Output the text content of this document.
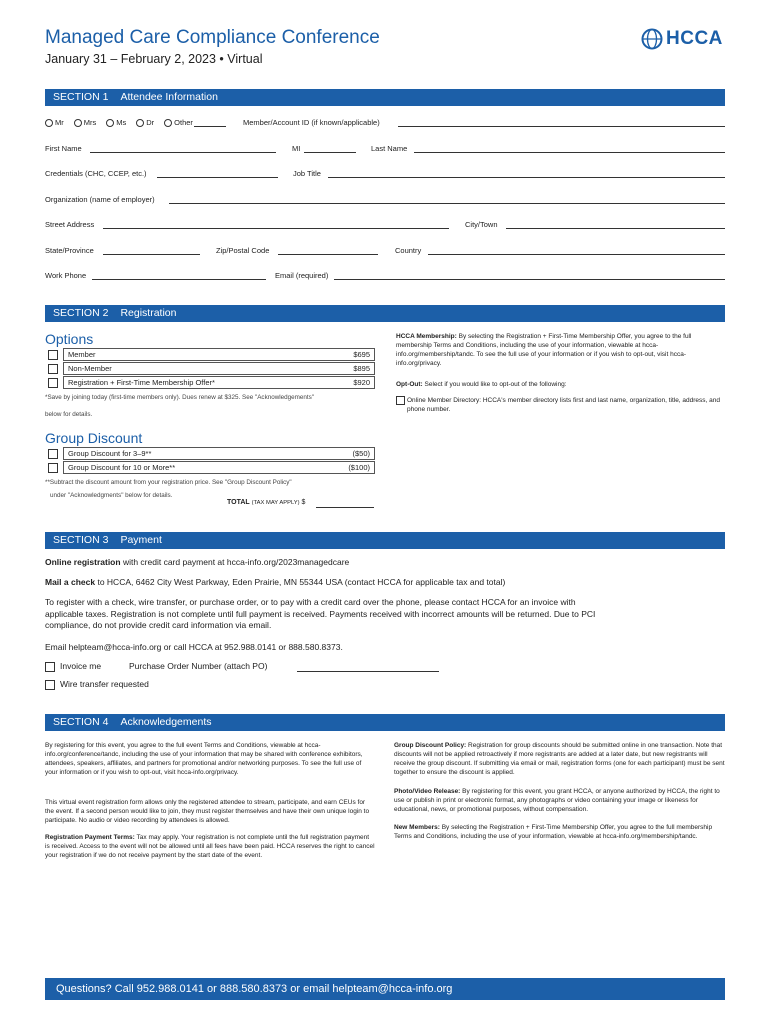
Managed Care Compliance Conference
January 31 – February 2, 2023 • Virtual
HCCA
SECTION 1 Attendee Information
Mr	Mrs	Ms	Dr	Other	Member/Account ID (if known/applicable)
First Name	MI	Last Name
Credentials (CHC, CCEP, etc.)	Job Title
Organization (name of employer)
Street Address	City/Town
State/Province	Zip/Postal Code	Country
Work Phone	Email (required)
SECTION 2 Registration
Options
Member	$695
Non-Member	$895
Registration + First-Time Membership Offer*	$920
*Save by joining today (first-time members only). Dues renew at $325. See "Acknowledgements"
below for details.
Group Discount
Group Discount for 3–9**	($50)
Group Discount for 10 or More**	($100)
**Subtract the discount amount from your registration price. See "Group Discount Policy"
under "Acknowledgments" below for details.
TOTAL (TAX MAY APPLY) $
HCCA Membership: By selecting the Registration + First-Time Membership Offer, you agree to the full membership Terms and Conditions, including the use of your information, viewable at hcca-info.org/membership/tandc. To see the full use of your information or if you wish to opt-out, visit hcca-info.org/privacy.
Opt-Out: Select if you would like to opt-out of the following:
Online Member Directory: HCCA's member directory lists first and last name, organization, title, address, and phone number.
SECTION 3 Payment
Online registration with credit card payment at hcca-info.org/2023managedcare
Mail a check to HCCA, 6462 City West Parkway, Eden Prairie, MN 55344 USA (contact HCCA for applicable tax and total)
To register with a check, wire transfer, or purchase order, or to pay with a credit card over the phone, please contact HCCA for an invoice with applicable taxes. Registration is not complete until full payment is received. Payments received with incorrect amounts will be returned. Due to PCI compliance, do not provide credit card information via email.
Email helpteam@hcca-info.org or call HCCA at 952.988.0141 or 888.580.8373.
Invoice me	Purchase Order Number (attach PO)
Wire transfer requested
SECTION 4 Acknowledgements
By registering for this event, you agree to the full event Terms and Conditions, viewable at hcca-info.org/conference/tandc, including the use of your information that may be shared with conference exhibitors, attendees, speakers, affiliates, and partners for promotional and/or networking purposes. To see the full use of your information or if you wish to opt-out, visit hcca-info.org/privacy.
This virtual event registration form allows only the registered attendee to stream, participate, and earn CEUs for the event. If a second person would like to join, they must register themselves and have their own unique login to participate. No audio or video recording by attendees is allowed.
Registration Payment Terms: Tax may apply. Your registration is not complete until the full registration payment is received. Access to the event will not be allowed until all fees have been paid. HCCA reserves the right to cancel your registration if we do not receive payment by the start date of the event.
Group Discount Policy: Registration for group discounts should be submitted online in one transaction. Note that discounts will not be applied retroactively if more registrants are added at a later date, but new registrants will receive the group discount. If submitting via email or mail, registration forms (one for each participant) must be sent together to ensure the discount is applied.
Photo/Video Release: By registering for this event, you grant HCCA, or anyone authorized by HCCA, the right to use or publish in print or electronic format, any photographs or video containing your image or likeness for educational, news, or promotional purposes, without compensation.
New Members: By selecting the Registration + First-Time Membership Offer, you agree to the full membership Terms and Conditions, including the use of your information, viewable at hcca-info.org/membership/tandc.
Questions? Call 952.988.0141 or 888.580.8373 or email helpteam@hcca-info.org
